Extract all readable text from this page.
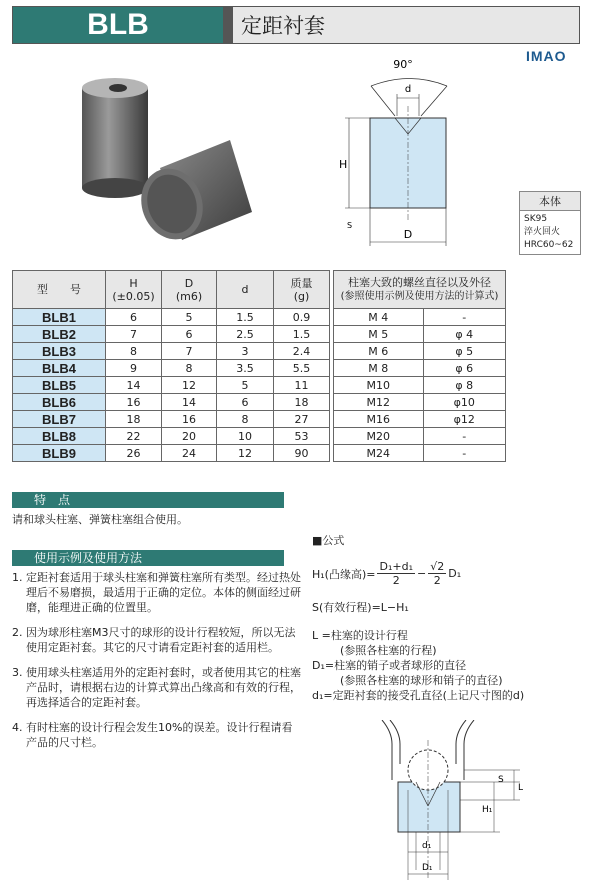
BLB	定距衬套
IMAO
90°
d
H
D
S
本体
SK95
淬火回火
HRC60~62
型　　号	H
(±0.05)	D
(m6)	d	质量
(g)		柱塞大致的螺丝直径以及外径
(参照使用示例及使用方法的计算式)	
BLB1	6	5	1.5	0.9		M 4	-
BLB2	7	6	2.5	1.5		M 5	φ 4
BLB3	8	7	3	2.4		M 6	φ 5
BLB4	9	8	3.5	5.5		M 8	φ 6
BLB5	14	12	5	11		M10	φ 8
BLB6	16	14	6	18		M12	φ10
BLB7	18	16	8	27		M16	φ12
BLB8	22	20	10	53		M20	-
BLB9	26	24	12	90		M24	-
特　点
请和球头柱塞、弹簧柱塞组合使用。
使用示例及使用方法
1. 定距衬套适用于球头柱塞和弹簧柱塞所有类型。经过热处理后不易磨损，最适用于正确的定位。本体的侧面经过研磨，能理进正确的位置里。
2. 因为球形柱塞M3尺寸的球形的设计行程较短，所以无法使用定距衬套。其它的尺寸请看定距衬套的适用栏。
3. 使用球头柱塞适用外的定距衬套时，或者使用其它的柱塞产品时，请根据右边的计算式算出凸缘高和有效的行程，再选择适合的定距衬套。
4. 有时柱塞的设计行程会发生10%的误差。设计行程请看产品的尺寸栏。
■公式
H₁(凸缘高)= $\frac{\text{D₁+d₁}}{2} - \frac{√2}{2} D_1$
S(有效行程)=L−H₁
L =柱塞的设计行程
(参照各柱塞的行程)
D₁=柱塞的销子或者球形的直径
(参照各柱塞的球形和销子的直径)
d₁=定距衬套的接受孔直径(上记尺寸图的d)
S
L
H₁
d₁
D₁
